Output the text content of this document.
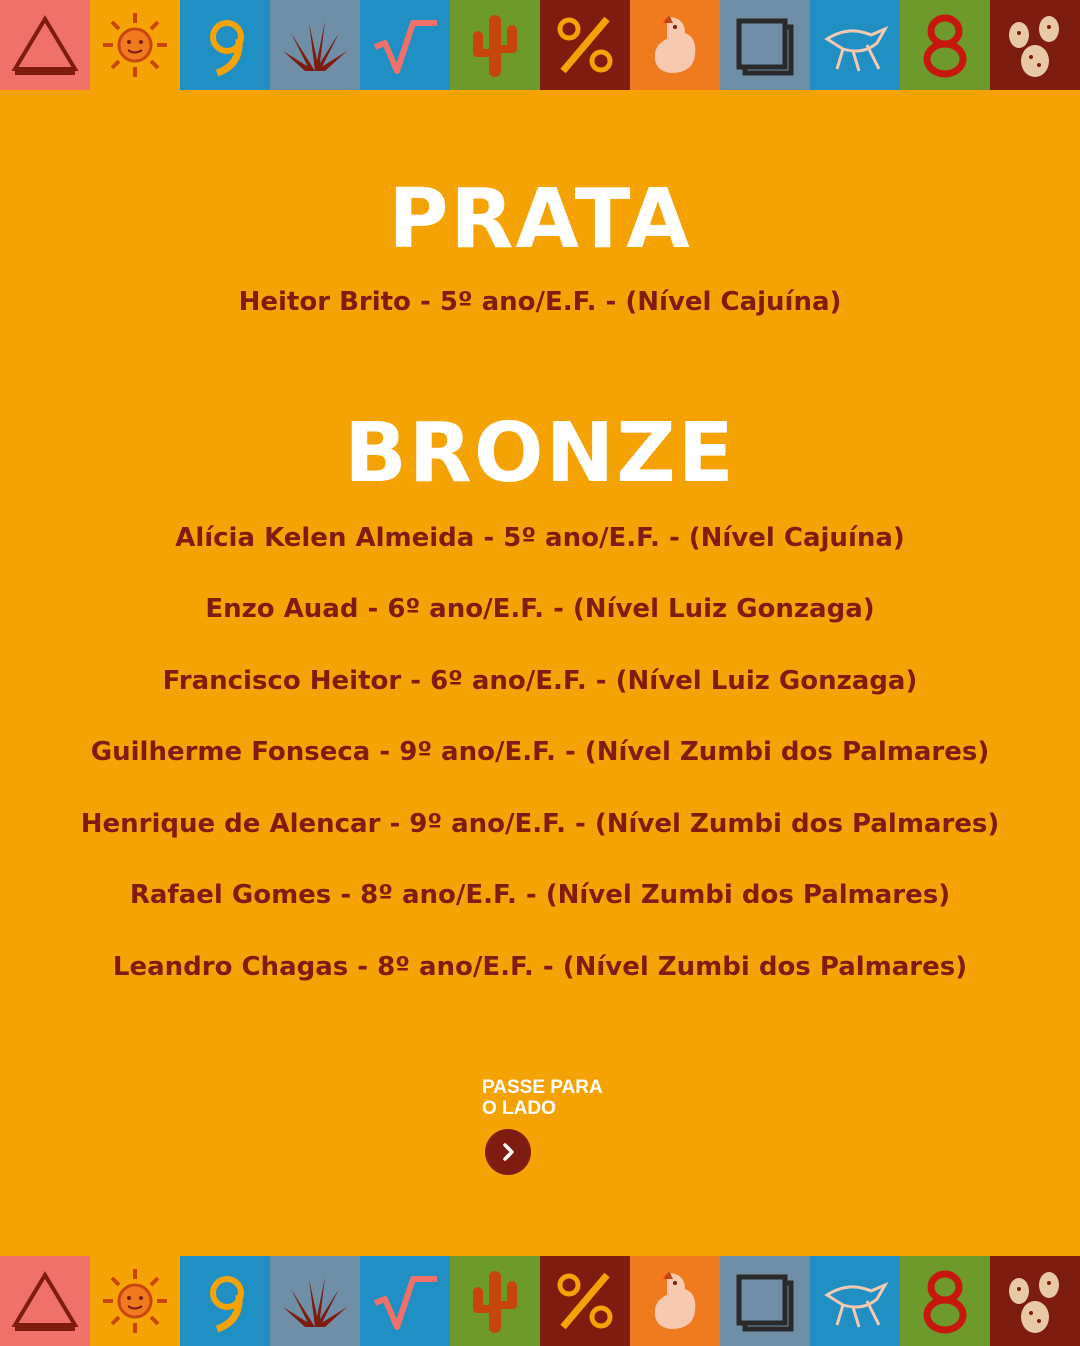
PRATA

Heitor Brito - 5º ano/E.F. - (Nível Cajuína)

BRONZE

Alícia Kelen Almeida - 5º ano/E.F. - (Nível Cajuína)

Enzo Auad - 6º ano/E.F. - (Nível Luiz Gonzaga)

Francisco Heitor - 6º ano/E.F. - (Nível Luiz Gonzaga)

Guilherme Fonseca - 9º ano/E.F. - (Nível Zumbi dos Palmares)

Henrique de Alencar - 9º ano/E.F. - (Nível Zumbi dos Palmares)

Rafael Gomes - 8º ano/E.F. - (Nível Zumbi dos Palmares)

Leandro Chagas - 8º ano/E.F. - (Nível Zumbi dos Palmares)

PASSE PARA

O LADO
